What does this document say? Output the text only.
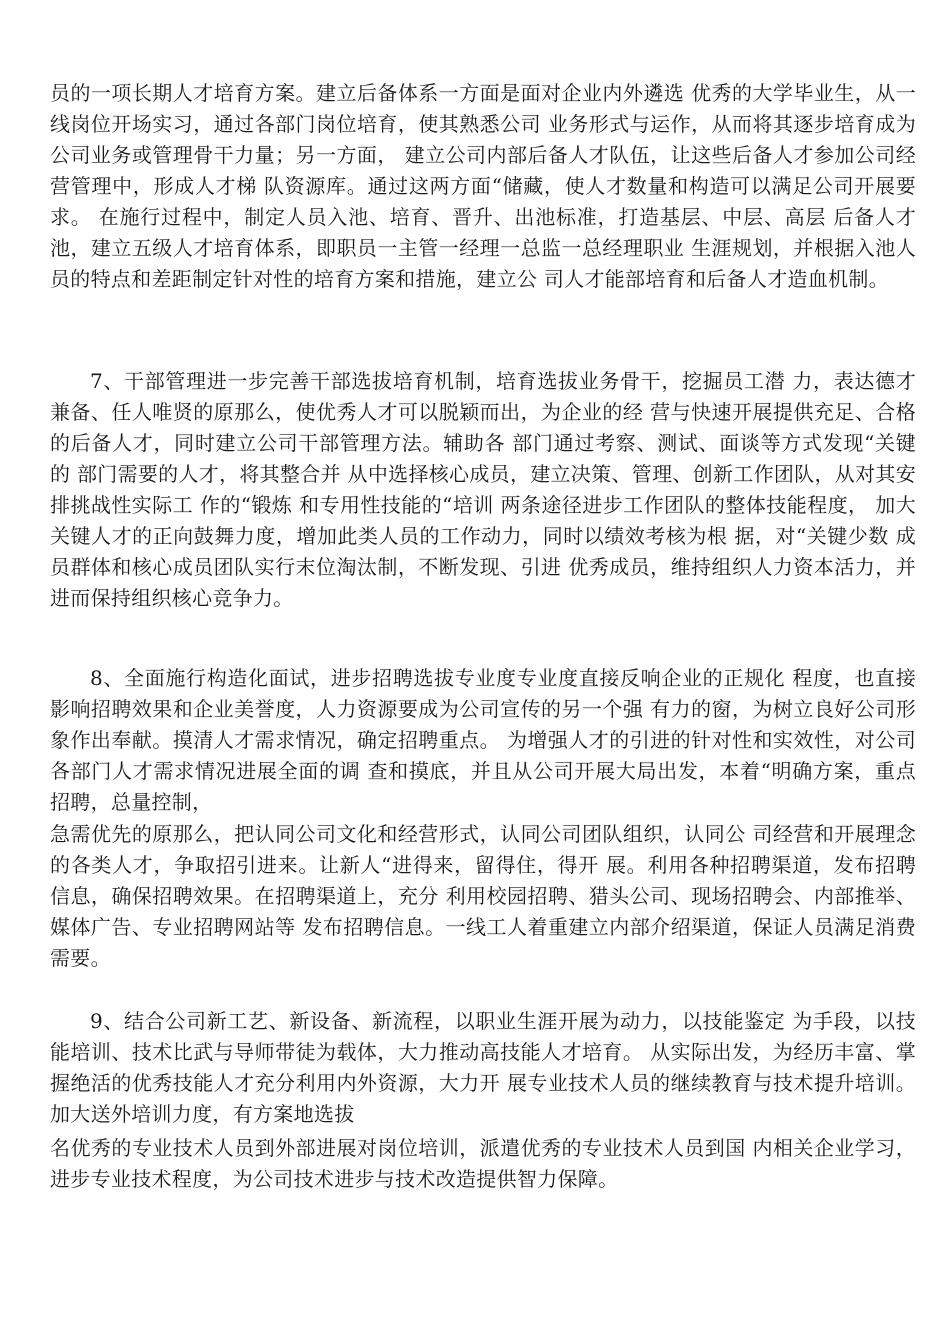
员的一项长期人才培育方案。建立后备体系一方面是面对企业内外遴选 优秀的大学毕业生，从一线岗位开场实习，通过各部门岗位培育，使其熟悉公司 业务形式与运作，从而将其逐步培育成为公司业务或管理骨干力量；另一方面， 建立公司内部后备人才队伍，让这些后备人才参加公司经营管理中，形成人才梯 队资源库。通过这两方面“储藏，使人才数量和构造可以满足公司开展要求。 在施行过程中，制定人员入池、培育、晋升、出池标准，打造基层、中层、高层 后备人才池，建立五级人才培育体系，即职员一主管一经理一总监一总经理职业 生涯规划，并根据入池人员的特点和差距制定针对性的培育方案和措施，建立公 司人才能部培育和后备人才造血机制。

7、干部管理进一步完善干部选拔培育机制，培育选拔业务骨干，挖掘员工潜 力，表达德才兼备、任人唯贤的原那么，使优秀人才可以脱颖而出，为企业的经 营与快速开展提供充足、合格的后备人才，同时建立公司干部管理方法。辅助各 部门通过考察、测试、面谈等方式发现“关键的 部门需要的人才，将其整合并 从中选择核心成员，建立决策、管理、创新工作团队，从对其安排挑战性实际工 作的“锻炼 和专用性技能的“培训 两条途径进步工作团队的整体技能程度， 加大关键人才的正向鼓舞力度，增加此类人员的工作动力，同时以绩效考核为根 据，对“关键少数 成员群体和核心成员团队实行末位淘汰制，不断发现、引进 优秀成员，维持组织人力资本活力，并进而保持组织核心竞争力。

8、全面施行构造化面试，进步招聘选拔专业度专业度直接反响企业的正规化 程度，也直接影响招聘效果和企业美誉度，人力资源要成为公司宣传的另一个强 有力的窗，为树立良好公司形象作出奉献。摸清人才需求情况，确定招聘重点。 为增强人才的引进的针对性和实效性，对公司各部门人才需求情况进展全面的调 查和摸底，并且从公司开展大局出发，本着“明确方案，重点招聘，总量控制，

急需优先的原那么，把认同公司文化和经营形式，认同公司团队组织，认同公 司经营和开展理念的各类人才，争取招引进来。让新人“进得来，留得住，得开 展。利用各种招聘渠道，发布招聘信息，确保招聘效果。在招聘渠道上，充分 利用校园招聘、猎头公司、现场招聘会、内部推举、媒体广告、专业招聘网站等 发布招聘信息。一线工人着重建立内部介绍渠道，保证人员满足消费需要。

9、结合公司新工艺、新设备、新流程，以职业生涯开展为动力，以技能鉴定 为手段，以技能培训、技术比武与导师带徒为载体，大力推动高技能人才培育。 从实际出发，为经历丰富、掌握绝活的优秀技能人才充分利用内外资源，大力开 展专业技术人员的继续教育与技术提升培训。加大送外培训力度，有方案地选拔

名优秀的专业技术人员到外部进展对岗位培训，派遣优秀的专业技术人员到国 内相关企业学习，进步专业技术程度，为公司技术进步与技术改造提供智力保障。
